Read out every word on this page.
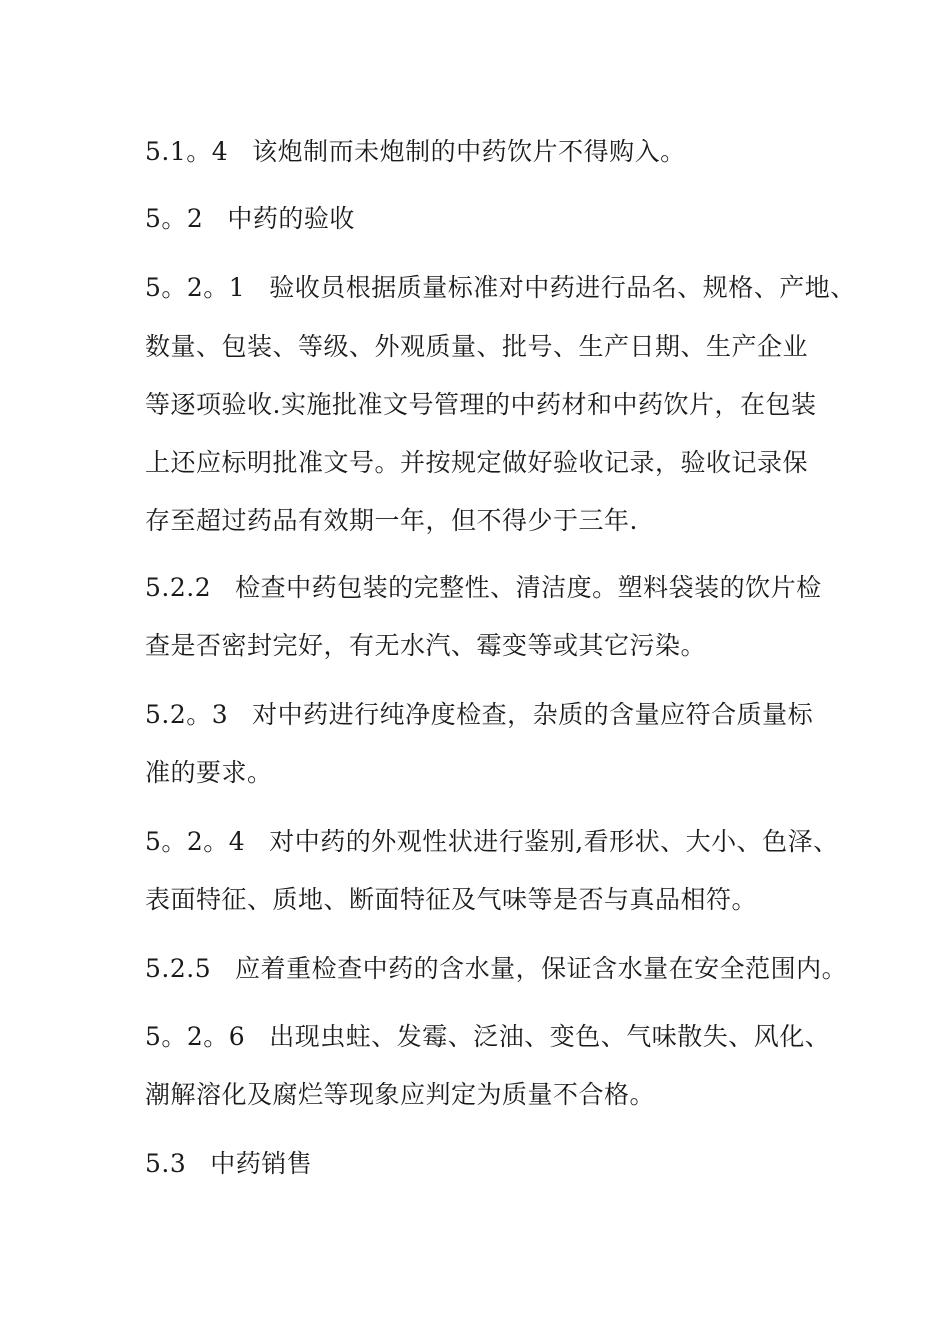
5.1。4 该炮制而未炮制的中药饮片不得购入。
5。2 中药的验收
5。2。1 验收员根据质量标准对中药进行品名、规格、产地、
数量、包装、等级、外观质量、批号、生产日期、生产企业
等逐项验收.实施批准文号管理的中药材和中药饮片，在包装
上还应标明批准文号。并按规定做好验收记录，验收记录保
存至超过药品有效期一年，但不得少于三年.
5.2.2 检查中药包装的完整性、清洁度。塑料袋装的饮片检
查是否密封完好，有无水汽、霉变等或其它污染。
5.2。3 对中药进行纯净度检查，杂质的含量应符合质量标
准的要求。
5。2。4 对中药的外观性状进行鉴别,看形状、大小、色泽、
表面特征、质地、断面特征及气味等是否与真品相符。
5.2.5 应着重检查中药的含水量，保证含水量在安全范围内。
5。2。6 出现虫蛀、发霉、泛油、变色、气味散失、风化、
潮解溶化及腐烂等现象应判定为质量不合格。
5.3 中药销售
